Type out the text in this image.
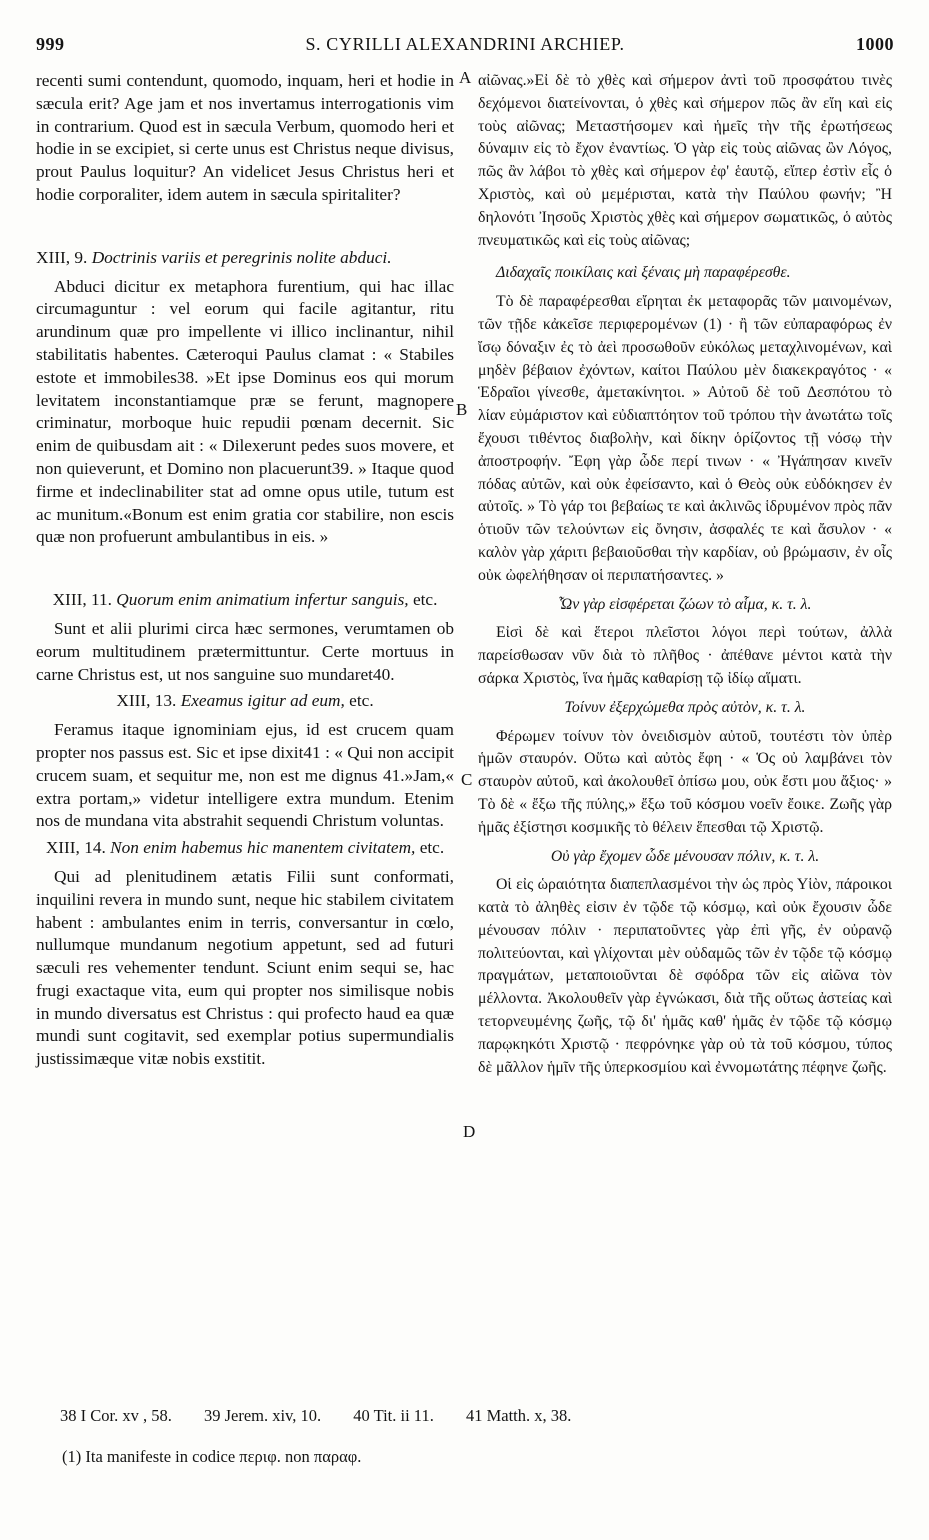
999	S. CYRILLI ALEXANDRINI ARCHIEP.	1000
A
B
C
D

recenti sumi contendunt, quomodo, inquam, heri et hodie in sæcula erit? Age jam et nos invertamus interrogationis vim in contrarium. Quod est in sæcula Verbum, quomodo heri et hodie in se excipiet, si certe unus est Christus neque divisus, prout Paulus loquitur? An videlicet Jesus Christus heri et hodie corporaliter, idem autem in sæcula spiritaliter?

XIII, 9. Doctrinis variis et peregrinis nolite abduci.

Abduci dicitur ex metaphora furentium, qui hac illac circumaguntur : vel eorum qui facile agitantur, ritu arundinum quæ pro impellente vi illico inclinantur, nihil stabilitatis habentes. Cæteroqui Paulus clamat : « Stabiles estote et immobiles38. »Et ipse Dominus eos qui morum levitatem inconstantiamque præ se ferunt, magnopere criminatur, morboque huic repudii pœnam decernit. Sic enim de quibusdam ait : « Dilexerunt pedes suos movere, et non quieverunt, et Domino non placuerunt39. » Itaque quod firme et indeclinabiliter stat ad omne opus utile, tutum est ac munitum.«Bonum est enim gratia cor stabilire, non escis quæ non profuerunt ambulantibus in eis. »

XIII, 11. Quorum enim animatium infertur sanguis, etc.

Sunt et alii plurimi circa hæc sermones, verumtamen ob eorum multitudinem prætermittuntur. Certe mortuus in carne Christus est, ut nos sanguine suo mundaret40.

XIII, 13. Exeamus igitur ad eum, etc.

Feramus itaque ignominiam ejus, id est crucem quam propter nos passus est. Sic et ipse dixit41 : « Qui non accipit crucem suam, et sequitur me, non est me dignus 41.»Jam,« extra portam,» videtur intelligere extra mundum. Etenim nos de mundana vita abstrahit sequendi Christum voluntas.

XIII, 14. Non enim habemus hic manentem civitatem, etc.

Qui ad plenitudinem ætatis Filii sunt conformati, inquilini revera in mundo sunt, neque hic stabilem civitatem habent : ambulantes enim in terris, conversantur in cœlo, nullumque mundanum negotium appetunt, sed ad futuri sæculi res vehementer tendunt. Sciunt enim sequi se, hac frugi exactaque vita, eum qui propter nos similisque nobis in mundo diversatus est Christus : qui profecto haud ea quæ mundi sunt cogitavit, sed exemplar potius supermundialis justissimæque vitæ nobis exstitit.

αἰῶνας.»Εἰ δὲ τὸ χθὲς καὶ σήμερον ἀντὶ τοῦ προσφάτου τινὲς δεχόμενοι διατείνονται, ὁ χθὲς καὶ σήμερον πῶς ἂν εἴη καὶ εἰς τοὺς αἰῶνας; Μεταστήσομεν καὶ ἡμεῖς τὴν τῆς ἐρωτήσεως δύναμιν εἰς τὸ ἔχον ἐναντίως. Ὁ γὰρ εἰς τοὺς αἰῶνας ὢν Λόγος, πῶς ἂν λάβοι τὸ χθὲς καὶ σήμερον ἐφ' ἑαυτῷ, εἴπερ ἐστὶν εἷς ὁ Χριστὸς, καὶ οὐ μεμέρισται, κατὰ τὴν Παύλου φωνήν; Ἢ δηλονότι Ἰησοῦς Χριστὸς χθὲς καὶ σήμερον σωματικῶς, ὁ αὐτὸς πνευματικῶς καὶ εἰς τοὺς αἰῶνας;

Διδαχαῖς ποικίλαις καὶ ξέναις μὴ παραφέρεσθε.

Τὸ δὲ παραφέρεσθαι εἴρηται ἐκ μεταφορᾶς τῶν μαινομένων, τῶν τῇδε κἀκεῖσε περιφερομένων (1) · ἢ τῶν εὐπαραφόρως ἐν ἴσῳ δόναξιν ἐς τὸ ἀεὶ προσωθοῦν εὐκόλως μεταχλινομένων, καὶ μηδὲν βέβαιον ἐχόντων, καίτοι Παύλου μὲν διακεκραγότος · « Ἑδραῖοι γίνεσθε, ἀμετακίνητοι. » Αὐτοῦ δὲ τοῦ Δεσπότου τὸ λίαν εὐμάριστον καὶ εὐδιαπτόητον τοῦ τρόπου τὴν ἀνωτάτω τοῖς ἔχουσι τιθέντος διαβολὴν, καὶ δίκην ὁρίζοντος τῇ νόσῳ τὴν ἀποστροφήν. Ἔφη γὰρ ὧδε περί τινων · « Ἠγάπησαν κινεῖν πόδας αὐτῶν, καὶ οὐκ ἐφείσαντο, καὶ ὁ Θεὸς οὐκ εὐδόκησεν ἐν αὐτοῖς. » Τὸ γάρ τοι βεβαίως τε καὶ ἀκλινῶς ἱδρυμένον πρὸς πᾶν ὁτιοῦν τῶν τελούντων εἰς ὄνησιν, ἀσφαλές τε καὶ ἄσυλον · « καλὸν γὰρ χάριτι βεβαιοῦσθαι τὴν καρδίαν, οὐ βρώμασιν, ἐν οἷς οὐκ ὠφελήθησαν οἱ περιπατήσαντες. »

Ὧν γὰρ εἰσφέρεται ζώων τὸ αἷμα, κ. τ. λ.

Εἰσὶ δὲ καὶ ἕτεροι πλεῖστοι λόγοι περὶ τούτων, ἀλλὰ παρείσθωσαν νῦν διὰ τὸ πλῆθος · ἀπέθανε μέντοι κατὰ τὴν σάρκα Χριστὸς, ἵνα ἡμᾶς καθαρίσῃ τῷ ἰδίῳ αἵματι.

Τοίνυν ἐξερχώμεθα πρὸς αὐτὸν, κ. τ. λ.

Φέρωμεν τοίνυν τὸν ὀνειδισμὸν αὐτοῦ, τουτέστι τὸν ὑπὲρ ἡμῶν σταυρόν. Οὕτω καὶ αὐτὸς ἔφη · « Ὁς οὐ λαμβάνει τὸν σταυρὸν αὐτοῦ, καὶ ἀκολουθεῖ ὀπίσω μου, οὐκ ἔστι μου ἄξιος· » Τὸ δὲ « ἔξω τῆς πύλης,» ἔξω τοῦ κόσμου νοεῖν ἔοικε. Ζωῆς γὰρ ἡμᾶς ἐξίστησι κοσμικῆς τὸ θέλειν ἕπεσθαι τῷ Χριστῷ.

Οὐ γὰρ ἔχομεν ὧδε μένουσαν πόλιν, κ. τ. λ.

Οἱ εἰς ὡραιότητα διαπεπλασμένοι τὴν ὡς πρὸς Υἱὸν, πάροικοι κατὰ τὸ ἀληθὲς εἰσιν ἐν τῷδε τῷ κόσμῳ, καὶ οὐκ ἔχουσιν ὧδε μένουσαν πόλιν · περιπατοῦντες γὰρ ἐπὶ γῆς, ἐν οὐρανῷ πολιτεύονται, καὶ γλίχονται μὲν οὐδαμῶς τῶν ἐν τῷδε τῷ κόσμῳ πραγμάτων, μεταποιοῦνται δὲ σφόδρα τῶν εἰς αἰῶνα τὸν μέλλοντα. Ἀκολουθεῖν γὰρ ἐγνώκασι, διὰ τῆς οὕτως ἀστείας καὶ τετορνευμένης ζωῆς, τῷ δι' ἡμᾶς καθ' ἡμᾶς ἐν τῷδε τῷ κόσμῳ παρῳκηκότι Χριστῷ · πεφρόνηκε γὰρ οὐ τὰ τοῦ κόσμου, τύπος δὲ μᾶλλον ἡμῖν τῆς ὑπερκοσμίου καὶ ἐννομωτάτης πέφηνε ζωῆς.

38 I Cor. xv , 58. 39 Jerem. xiv, 10. 40 Tit. ii 11. 41 Matth. x, 38.
(1) Ita manifeste in codice περιφ. non παραφ.
